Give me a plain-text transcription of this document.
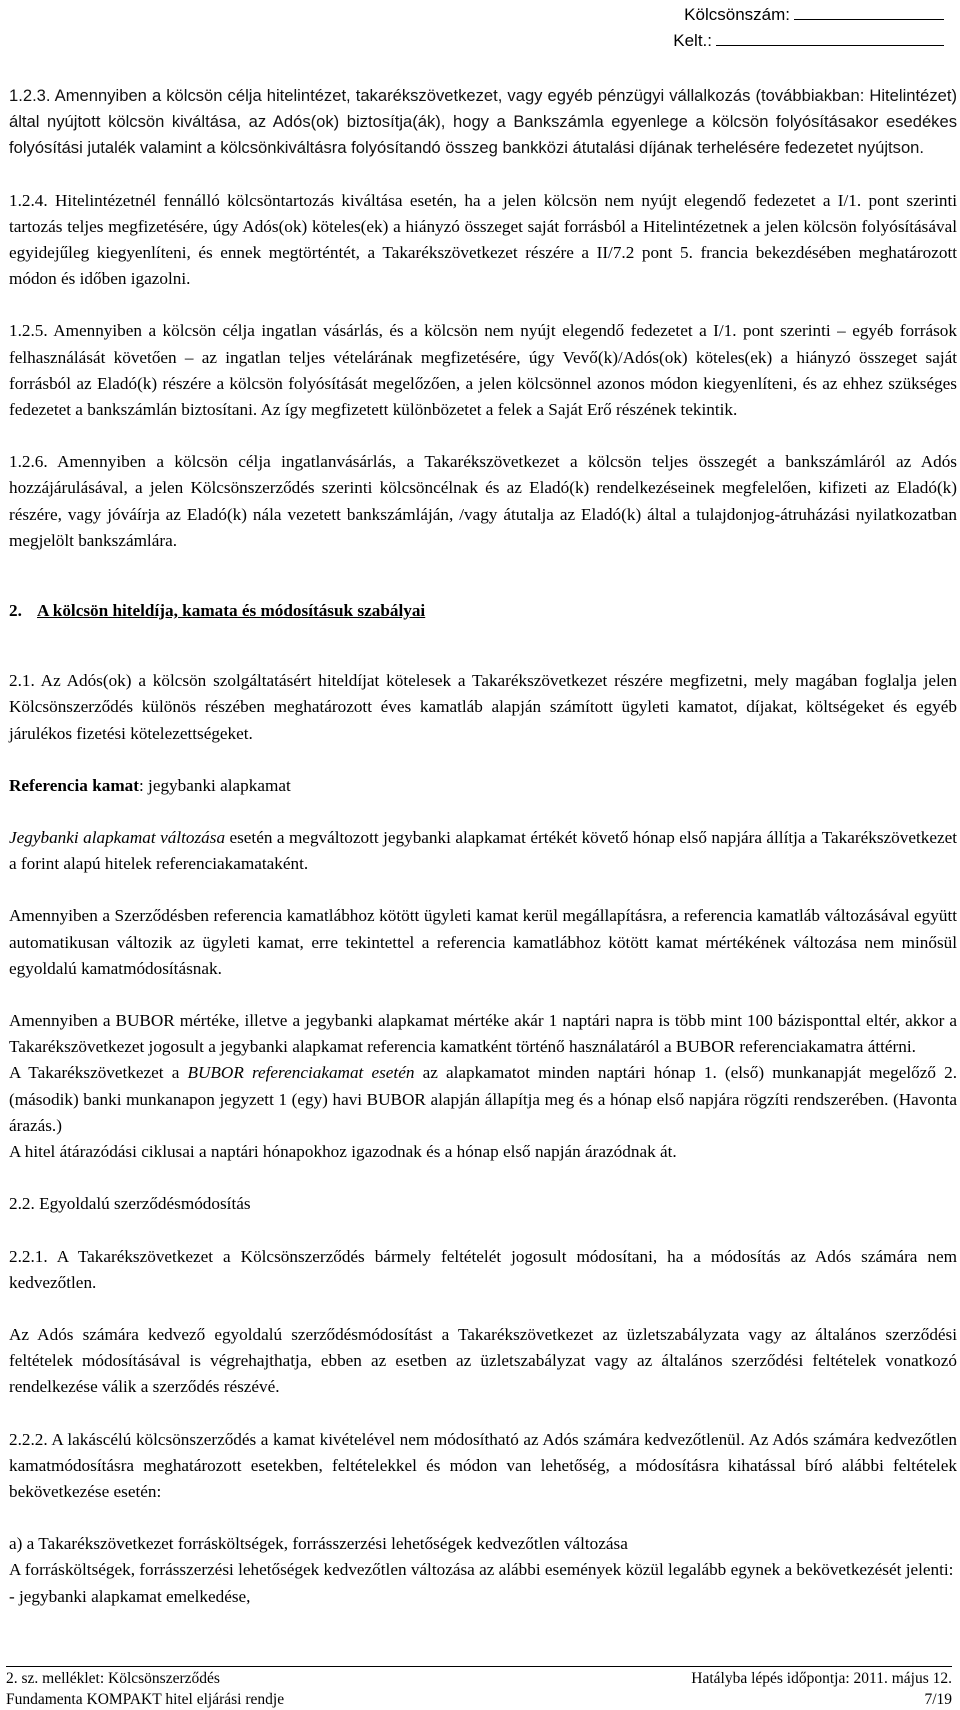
Kölcsönszám:
Kelt.:

1.2.3. Amennyiben a kölcsön célja hitelintézet, takarékszövetkezet, vagy egyéb pénzügyi vállalkozás (továbbiakban: Hitelintézet) által nyújtott kölcsön kiváltása, az Adós(ok) biztosítja(ák), hogy a Bankszámla egyenlege a kölcsön folyósításakor esedékes folyósítási jutalék valamint a kölcsönkiváltásra folyósítandó összeg bankközi átutalási díjának terhelésére fedezetet nyújtson.

1.2.4. Hitelintézetnél fennálló kölcsöntartozás kiváltása esetén, ha a jelen kölcsön nem nyújt elegendő fedezetet a I/1. pont szerinti tartozás teljes megfizetésére, úgy Adós(ok) köteles(ek) a hiányzó összeget saját forrásból a Hitelintézetnek a jelen kölcsön folyósításával egyidejűleg kiegyenlíteni, és ennek megtörténtét, a Takarékszövetkezet részére a II/7.2 pont 5. francia bekezdésében meghatározott módon és időben igazolni.

1.2.5. Amennyiben a kölcsön célja ingatlan vásárlás, és a kölcsön nem nyújt elegendő fedezetet a I/1. pont szerinti – egyéb források felhasználását követően – az ingatlan teljes vételárának megfizetésére, úgy Vevő(k)/Adós(ok) köteles(ek) a hiányzó összeget saját forrásból az Eladó(k) részére a kölcsön folyósítását megelőzően, a jelen kölcsönnel azonos módon kiegyenlíteni, és az ehhez szükséges fedezetet a bankszámlán biztosítani. Az így megfizetett különbözetet a felek a Saját Erő részének tekintik.

1.2.6. Amennyiben a kölcsön célja ingatlanvásárlás, a Takarékszövetkezet a kölcsön teljes összegét a bankszámláról az Adós hozzájárulásával, a jelen Kölcsönszerződés szerinti kölcsöncélnak és az Eladó(k) rendelkezéseinek megfelelően, kifizeti az Eladó(k) részére, vagy jóváírja az Eladó(k) nála vezetett bankszámláján, /vagy átutalja az Eladó(k) által a tulajdonjog-átruházási nyilatkozatban megjelölt bankszámlára.

2. A kölcsön hiteldíja, kamata és módosításuk szabályai

2.1. Az Adós(ok) a kölcsön szolgáltatásért hiteldíjat kötelesek a Takarékszövetkezet részére megfizetni, mely magában foglalja jelen Kölcsönszerződés különös részében meghatározott éves kamatláb alapján számított ügyleti kamatot, díjakat, költségeket és egyéb járulékos fizetési kötelezettségeket.

Referencia kamat: jegybanki alapkamat

Jegybanki alapkamat változása esetén a megváltozott jegybanki alapkamat értékét követő hónap első napjára állítja a Takarékszövetkezet a forint alapú hitelek referenciakamataként.

Amennyiben a Szerződésben referencia kamatlábhoz kötött ügyleti kamat kerül megállapításra, a referencia kamatláb változásával együtt automatikusan változik az ügyleti kamat, erre tekintettel a referencia kamatlábhoz kötött kamat mértékének változása nem minősül egyoldalú kamatmódosításnak.

Amennyiben a BUBOR mértéke, illetve a jegybanki alapkamat mértéke akár 1 naptári napra is több mint 100 bázisponttal eltér, akkor a Takarékszövetkezet jogosult a jegybanki alapkamat referencia kamatként történő használatáról a BUBOR referenciakamatra áttérni.

A Takarékszövetkezet a BUBOR referenciakamat esetén az alapkamatot minden naptári hónap 1. (első) munkanapját megelőző 2. (második) banki munkanapon jegyzett 1 (egy) havi BUBOR alapján állapítja meg és a hónap első napjára rögzíti rendszerében. (Havonta árazás.)

A hitel átárazódási ciklusai a naptári hónapokhoz igazodnak és a hónap első napján árazódnak át.

2.2. Egyoldalú szerződésmódosítás

2.2.1. A Takarékszövetkezet a Kölcsönszerződés bármely feltételét jogosult módosítani, ha a módosítás az Adós számára nem kedvezőtlen.

Az Adós számára kedvező egyoldalú szerződésmódosítást a Takarékszövetkezet az üzletszabályzata vagy az általános szerződési feltételek módosításával is végrehajthatja, ebben az esetben az üzletszabályzat vagy az általános szerződési feltételek vonatkozó rendelkezése válik a szerződés részévé.

2.2.2. A lakáscélú kölcsönszerződés a kamat kivételével nem módosítható az Adós számára kedvezőtlenül. Az Adós számára kedvezőtlen kamatmódosításra meghatározott esetekben, feltételekkel és módon van lehetőség, a módosításra kihatással bíró alábbi feltételek bekövetkezése esetén:

a) a Takarékszövetkezet forrásköltségek, forrásszerzési lehetőségek kedvezőtlen változása

A forrásköltségek, forrásszerzési lehetőségek kedvezőtlen változása az alábbi események közül legalább egynek a bekövetkezését jelenti:

- jegybanki alapkamat emelkedése,

2. sz. melléklet: Kölcsönszerződés	Hatályba lépés időpontja: 2011. május 12.
Fundamenta KOMPAKT hitel eljárási rendje	7/19
